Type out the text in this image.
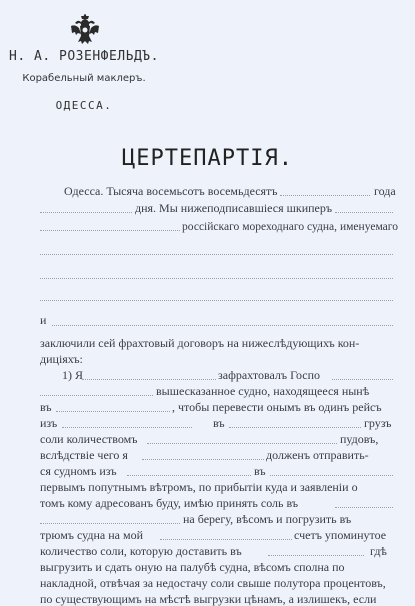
Н. А. РОЗЕНФЕЛЬДЪ.
Корабельный маклеръ.
ОДЕССА.
ЦЕРТЕПАРТІЯ.
Одесса. Тысяча восемьсотъ восемьдесятъ	года
дня. Мы нижеподписавшіеся шкиперъ
россійскаго мореходнаго судна, именуемаго
и
заключили сей фрахтовый договоръ на нижеслѣдующихъ кон-
диціяхъ:
1) Я	зафрахтовалъ Госпо
вышесказанное судно, находящееся нынѣ
въ	, чтобы перевести онымъ въ одинъ рейсъ
изъ	въ	грузъ
соли количествомъ	пудовъ,
вслѣдствіе чего я	долженъ отправить-
ся судномъ изъ	въ
первымъ попутнымъ вѣтромъ, по прибытіи куда и заявленіи о
томъ кому адресованъ буду, имѣю принять соль въ
на берегу, вѣсомъ и погрузить въ
трюмъ судна на мой	счетъ упоминутое
количество соли, которую доставить въ	гдѣ
выгрузить и сдать оную на палубѣ судна, вѣсомъ сполна по
накладной, отвѣчая за недостачу соли свыше полутора процентовъ,
по существующимъ на мѣстѣ выгрузки цѣнамъ, а излишекъ, если
